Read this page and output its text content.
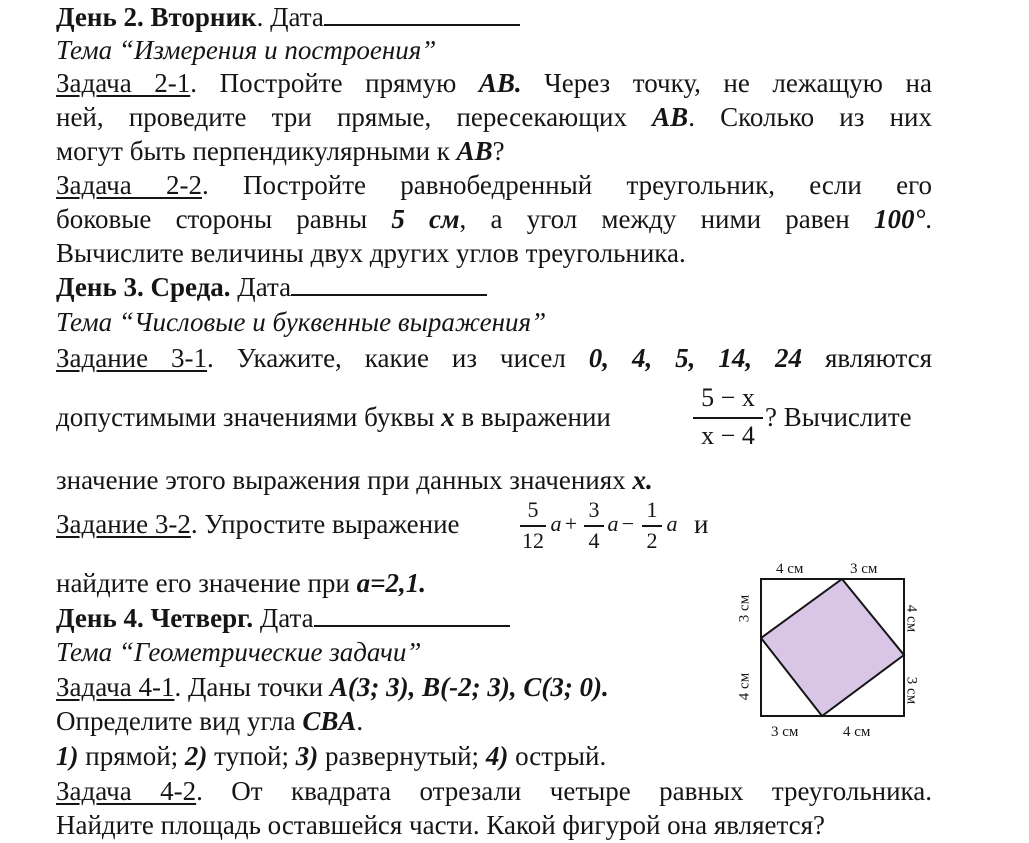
День 2. Вторник. Дата
Тема “Измерения и построения”
Задача 2-1. Постройте прямую AB. Через точку, не лежащую на
ней, проведите три прямые, пересекающих AB. Сколько из них
могут быть перпендикулярными к AB?
Задача 2-2. Постройте равнобедренный треугольник, если его
боковые стороны равны 5 см, а угол между ними равен 100°.
Вычислите величины двух других углов треугольника.
День 3. Среда. Дата
Тема “Числовые и буквенные выражения”
Задание 3-1. Укажите, какие из чисел 0, 4, 5, 14, 24 являются
допустимыми значениями буквы x в выражении
5 − x
x − 4
? Вычислите
значение этого выражения при данных значениях x.
Задание 3-2. Упростите выражение	5
12
a +
3
4
a −
1
2
a и
найдите его значение при a=2,1.
День 4. Четверг. Дата
Тема “Геометрические задачи”
Задача 4-1. Даны точки A(3; 3), B(-2; 3), C(3; 0).
Определите вид угла CBA.
1) прямой; 2) тупой; 3) развернутый; 4) острый.
Задача 4-2. От квадрата отрезали четыре равных треугольника.
Найдите площадь оставшейся части. Какой фигурой она является?
4 см	3 см
3 см	4 см
3 см
4 см
4 см
3 см
